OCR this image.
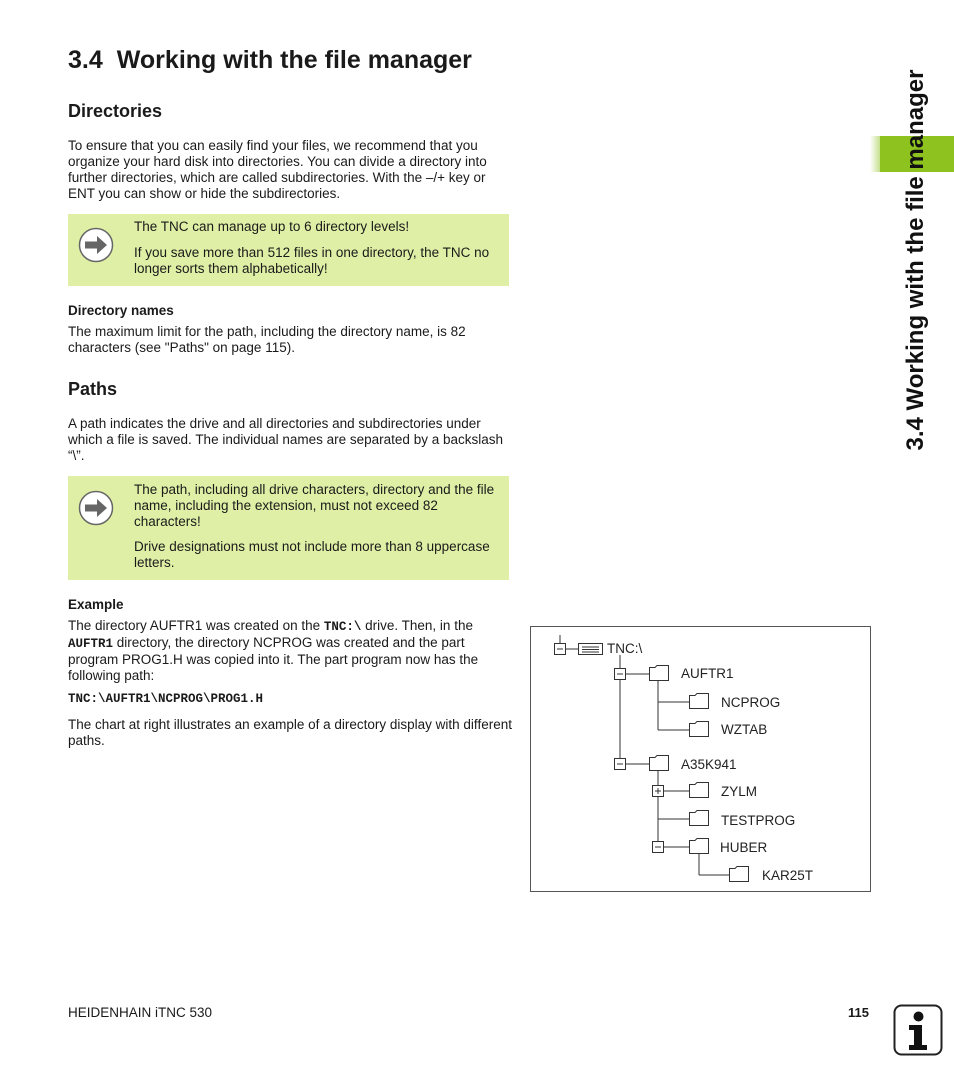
3.4 Working with the file manager
3.4 Working with the file manager
Directories

To ensure that you can easily find your files, we recommend that you organize your hard disk into directories. You can divide a directory into further directories, which are called subdirectories. With the –/+ key or ENT you can show or hide the subdirectories.

The TNC can manage up to 6 directory levels!

If you save more than 512 files in one directory, the TNC no longer sorts them alphabetically!

Directory names

The maximum limit for the path, including the directory name, is 82 characters (see "Paths" on page 115).

Paths

A path indicates the drive and all directories and subdirectories under which a file is saved. The individual names are separated by a backslash “\”.

The path, including all drive characters, directory and the file name, including the extension, must not exceed 82 characters!

Drive designations must not include more than 8 uppercase letters.

Example

The directory AUFTR1 was created on the TNC:\ drive. Then, in the AUFTR1 directory, the directory NCPROG was created and the part program PROG1.H was copied into it. The part program now has the following path:

TNC:\AUFTR1\NCPROG\PROG1.H

The chart at right illustrates an example of a directory display with different paths.

TNC:\
AUFTR1
NCPROG
WZTAB
A35K941
ZYLM
TESTPROG
HUBER
KAR25T
HEIDENHAIN iTNC 530	115
